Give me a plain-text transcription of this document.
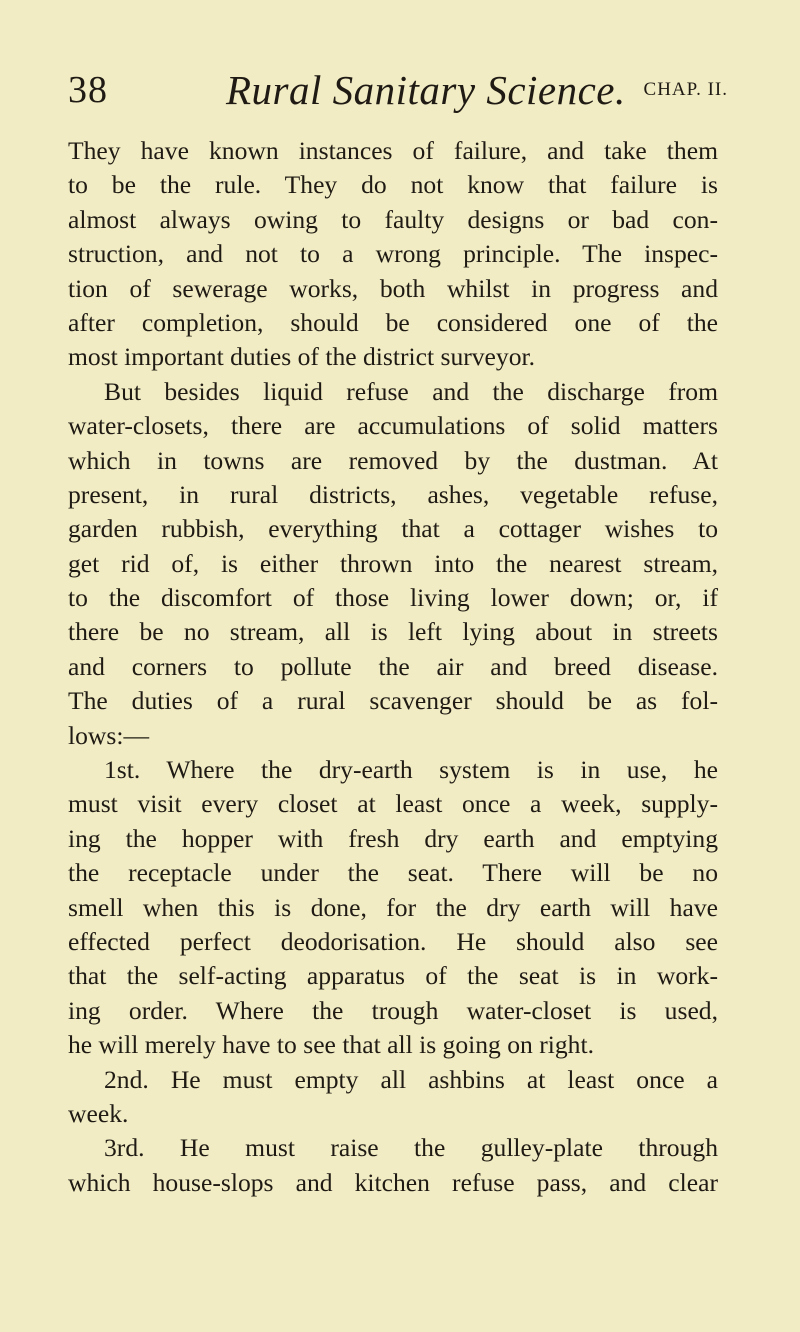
38	Rural Sanitary Science. CHAP. II.
They have known instances of failure, and take them
to be the rule. They do not know that failure is
almost always owing to faulty designs or bad con-
struction, and not to a wrong principle. The inspec-
tion of sewerage works, both whilst in progress and
after completion, should be considered one of the
most important duties of the district surveyor.
But besides liquid refuse and the discharge from
water-closets, there are accumulations of solid matters
which in towns are removed by the dustman. At
present, in rural districts, ashes, vegetable refuse,
garden rubbish, everything that a cottager wishes to
get rid of, is either thrown into the nearest stream,
to the discomfort of those living lower down; or, if
there be no stream, all is left lying about in streets
and corners to pollute the air and breed disease.
The duties of a rural scavenger should be as fol-
lows:—
1st. Where the dry-earth system is in use, he
must visit every closet at least once a week, supply-
ing the hopper with fresh dry earth and emptying
the receptacle under the seat. There will be no
smell when this is done, for the dry earth will have
effected perfect deodorisation. He should also see
that the self-acting apparatus of the seat is in work-
ing order. Where the trough water-closet is used,
he will merely have to see that all is going on right.
2nd. He must empty all ashbins at least once a
week.
3rd. He must raise the gulley-plate through
which house-slops and kitchen refuse pass, and clear
